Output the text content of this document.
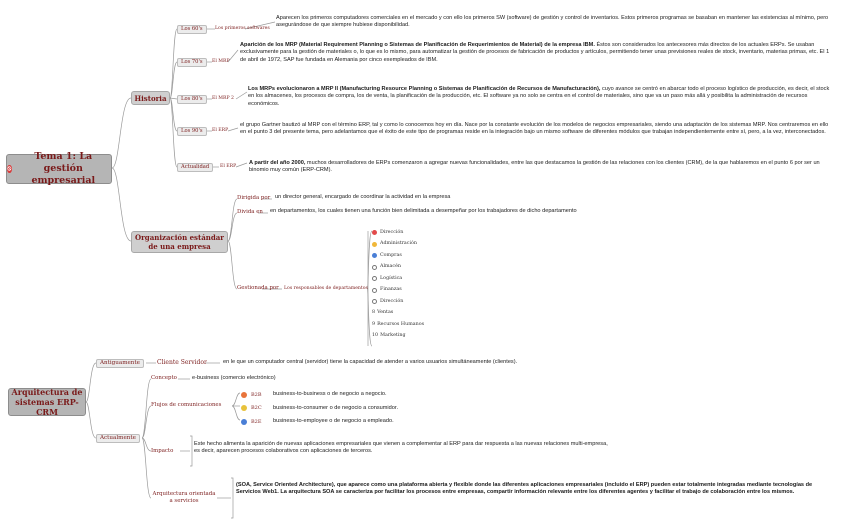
⦸
Tema 1: La gestión empresarial
Historia
Los 60's	Los primeros softwares
Aparecen los primeros computadores comerciales en el mercado y con ello los primeros SW (software) de gestión y control de inventarios. Estos primeros programas se basaban en mantener las existencias al mínimo, pero asegurándose de que siempre hubiese disponibilidad.
Los 70's	El MRP
Aparición de los MRP (Material Requirement Planning o Sistemas de Planificación de Requerimientos de Material) de la empresa IBM. Éstos son considerados los antecesores más directos de los actuales ERPs. Se usaban exclusivamente para la gestión de materiales o, lo que es lo mismo, para automatizar la gestión de procesos de fabricación de productos y artículos, permitiendo tener unas previsiones reales de stock, inventario, materias primas, etc. El 1 de abril de 1972, SAP fue fundada en Alemania por cinco exempleados de IBM.
Los 80's	El MRP 2
Los MRPs evolucionaron a MRP II (Manufacturing Resource Planning o Sistemas de Planificación de Recursos de Manufacturación), cuyo avance se centró en abarcar todo el proceso logístico de producción, es decir, el stock en los almacenes, los procesos de compra, los de venta, la planificación de la producción, etc. El software ya no solo se centra en el control de materiales, sino que va un paso más allá y posibilita la administración de recursos económicos.
Los 90's	El ERP
el grupo Gartner bautizó al MRP con el término ERP, tal y como lo conocemos hoy en día. Nace por la constante evolución de los modelos de negocios empresariales, siendo una adaptación de los sistemas MRP. Nos centraremos en ello en el punto 3 del presente tema, pero adelantamos que el éxito de este tipo de programas reside en la integración bajo un mismo software de diferentes módulos que trabajan independientemente entre sí, pero, a la vez, interconectados.
Actualidad	El ERP
A partir del año 2000, muchos desarrolladores de ERPs comenzaron a agregar nuevas funcionalidades, entre las que destacamos la gestión de las relaciones con los clientes (CRM), de la que hablaremos en el punto 6 por ser un binomio muy común (ERP-CRM).
Organización estándar de una empresa
Dirigida por un director general, encargado de coordinar la actividad en la empresa
Divida en en departamentos, los cuales tienen una función bien delimitada a desempeñar por los trabajadores de dicho departamento
Gestionada por Los responsables de departamentos
Dirección
Administración
Compras
Almacén
Logística
Finanzas
Dirección
8 Ventas
9 Recursos Humanos
10 Marketing
Arquitectura de sistemas ERP-CRM
Antiguamente	Cliente Servidor	en le que un computador central (servidor) tiene la capacidad de atender a varios usuarios simultáneamente (clientes).
Actualmente
Concepto	e-business (comercio electrónico)
Flujos de comunicaciones
B2B	business-to-business o de negocio a negocio.
B2C	business-to-consumer o de negocio a consumidor.
B2E	business-to-employee o de negocio a empleado.
Impacto
Este hecho alimenta la aparición de nuevas aplicaciones empresariales que vienen a complementar al ERP para dar respuesta a las nuevas relaciones multi-empresa, es decir, aparecen procesos colaborativos con aplicaciones de terceros.
Arquitectura orientada a servicios
(SOA, Service Oriented Architecture), que aparece como una plataforma abierta y flexible donde las diferentes aplicaciones empresariales (incluido el ERP) pueden estar totalmente integradas mediante tecnologías de Servicios Web1. La arquitectura SOA se caracteriza por facilitar los procesos entre empresas, compartir información relevante entre los diferentes agentes y facilitar el trabajo de colaboración entre los mismos.
